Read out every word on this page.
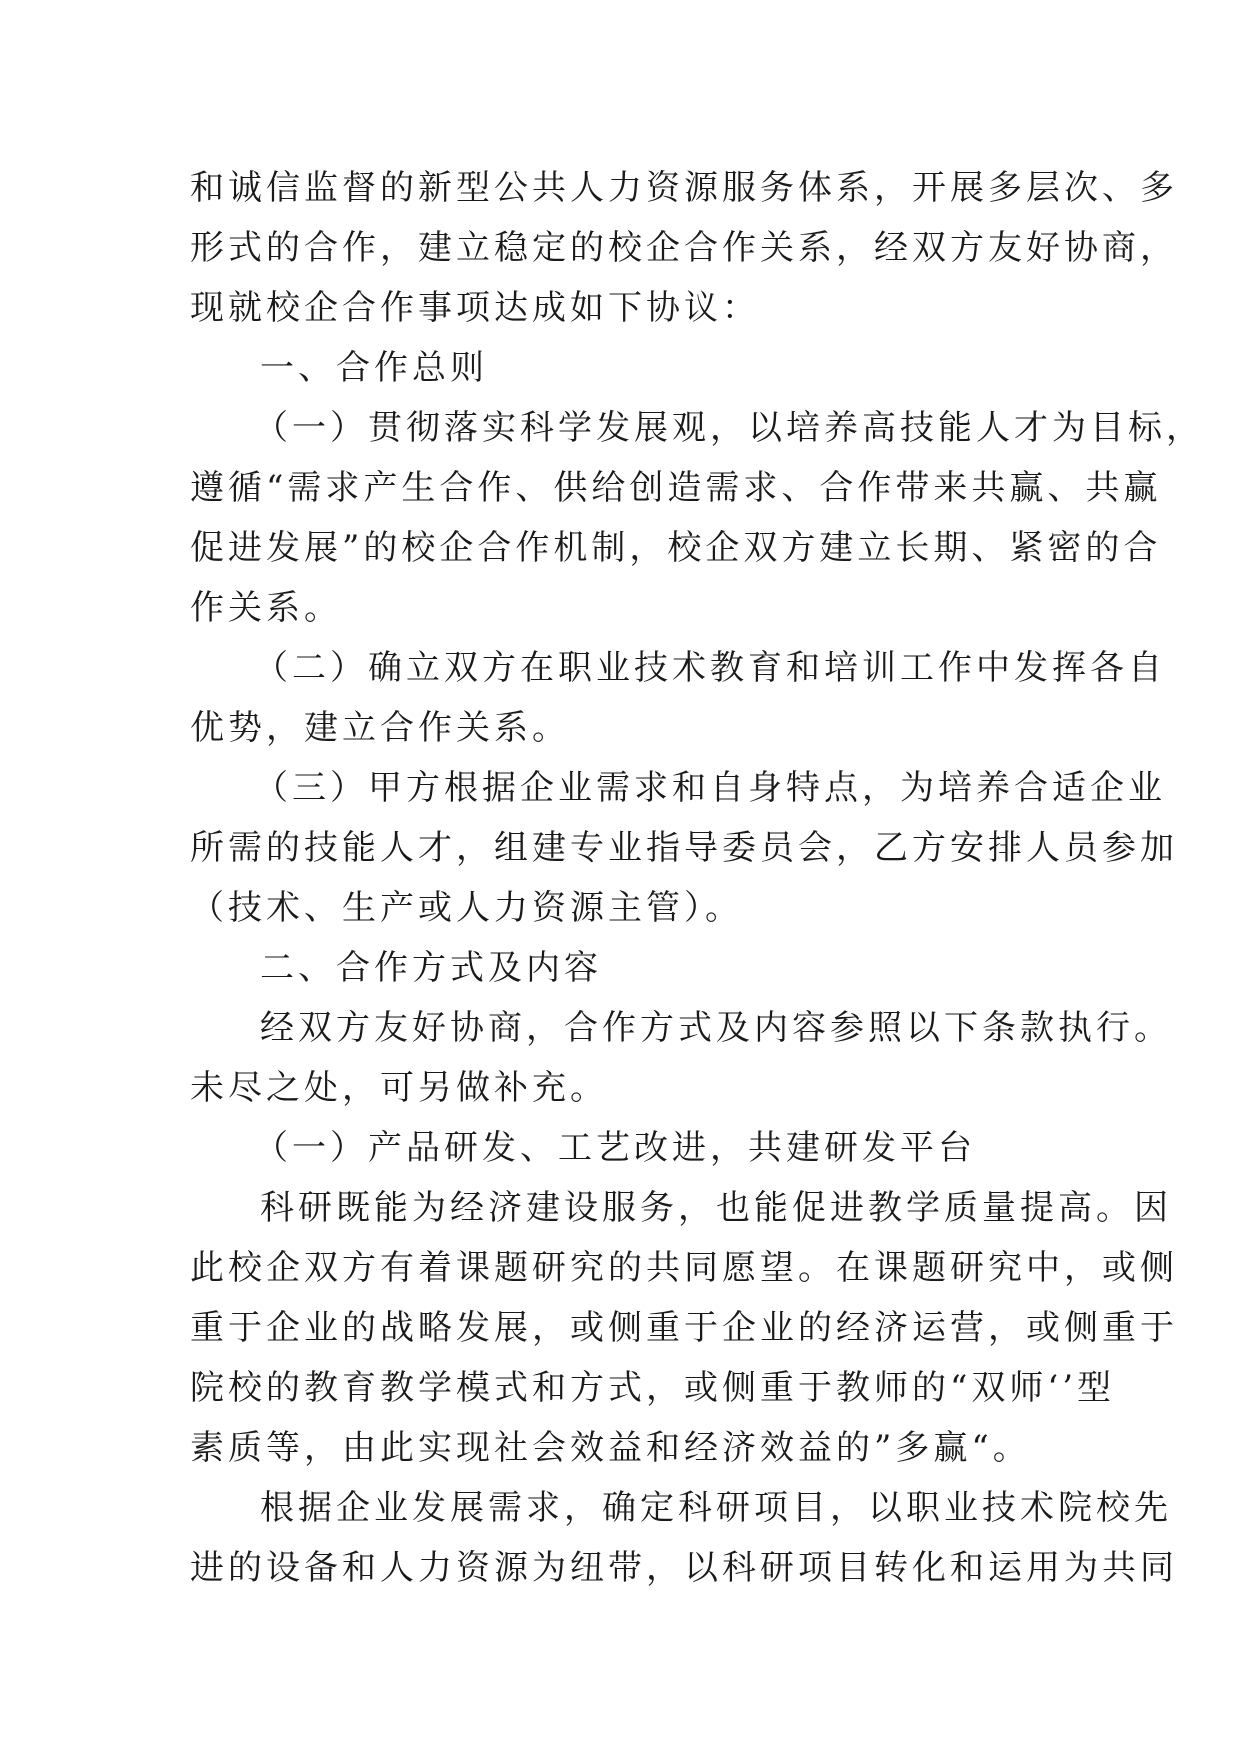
和诚信监督的新型公共人力资源服务体系，开展多层次、多
形式的合作，建立稳定的校企合作关系，经双方友好协商，
现就校企合作事项达成如下协议：
一、合作总则
（一）贯彻落实科学发展观，以培养高技能人才为目标，
遵循“需求产生合作、供给创造需求、合作带来共赢、共赢
促进发展”的校企合作机制，校企双方建立长期、紧密的合
作关系。
（二）确立双方在职业技术教育和培训工作中发挥各自
优势，建立合作关系。
（三）甲方根据企业需求和自身特点，为培养合适企业
所需的技能人才，组建专业指导委员会，乙方安排人员参加
（技术、生产或人力资源主管）。
二、合作方式及内容
经双方友好协商，合作方式及内容参照以下条款执行。
未尽之处，可另做补充。
（一）产品研发、工艺改进，共建研发平台
科研既能为经济建设服务，也能促进教学质量提高。因
此校企双方有着课题研究的共同愿望。在课题研究中，或侧
重于企业的战略发展，或侧重于企业的经济运营，或侧重于
院校的教育教学模式和方式，或侧重于教师的“双师‘’型
素质等，由此实现社会效益和经济效益的”多赢“。
根据企业发展需求，确定科研项目，以职业技术院校先
进的设备和人力资源为纽带，以科研项目转化和运用为共同
